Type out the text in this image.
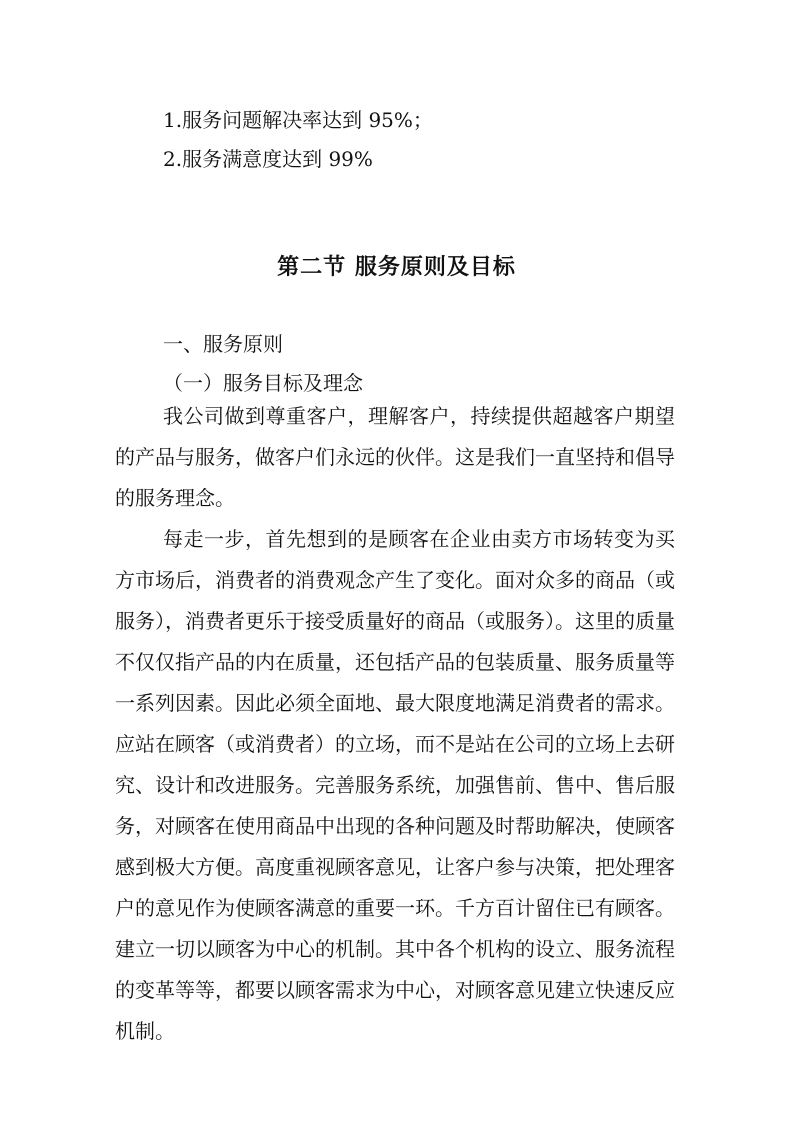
1.服务问题解决率达到 95%；
2.服务满意度达到 99%
第二节 服务原则及目标
一、服务原则
（一）服务目标及理念

我公司做到尊重客户，理解客户，持续提供超越客户期望的产品与服务，做客户们永远的伙伴。这是我们一直坚持和倡导的服务理念。

每走一步，首先想到的是顾客在企业由卖方市场转变为买方市场后，消费者的消费观念产生了变化。面对众多的商品（或服务），消费者更乐于接受质量好的商品（或服务）。这里的质量不仅仅指产品的内在质量，还包括产品的包装质量、服务质量等一系列因素。因此必须全面地、最大限度地满足消费者的需求。应站在顾客（或消费者）的立场，而不是站在公司的立场上去研究、设计和改进服务。完善服务系统，加强售前、售中、售后服务，对顾客在使用商品中出现的各种问题及时帮助解决，使顾客感到极大方便。高度重视顾客意见，让客户参与决策，把处理客户的意见作为使顾客满意的重要一环。千方百计留住已有顾客。建立一切以顾客为中心的机制。其中各个机构的设立、服务流程的变革等等，都要以顾客需求为中心，对顾客意见建立快速反应机制。
